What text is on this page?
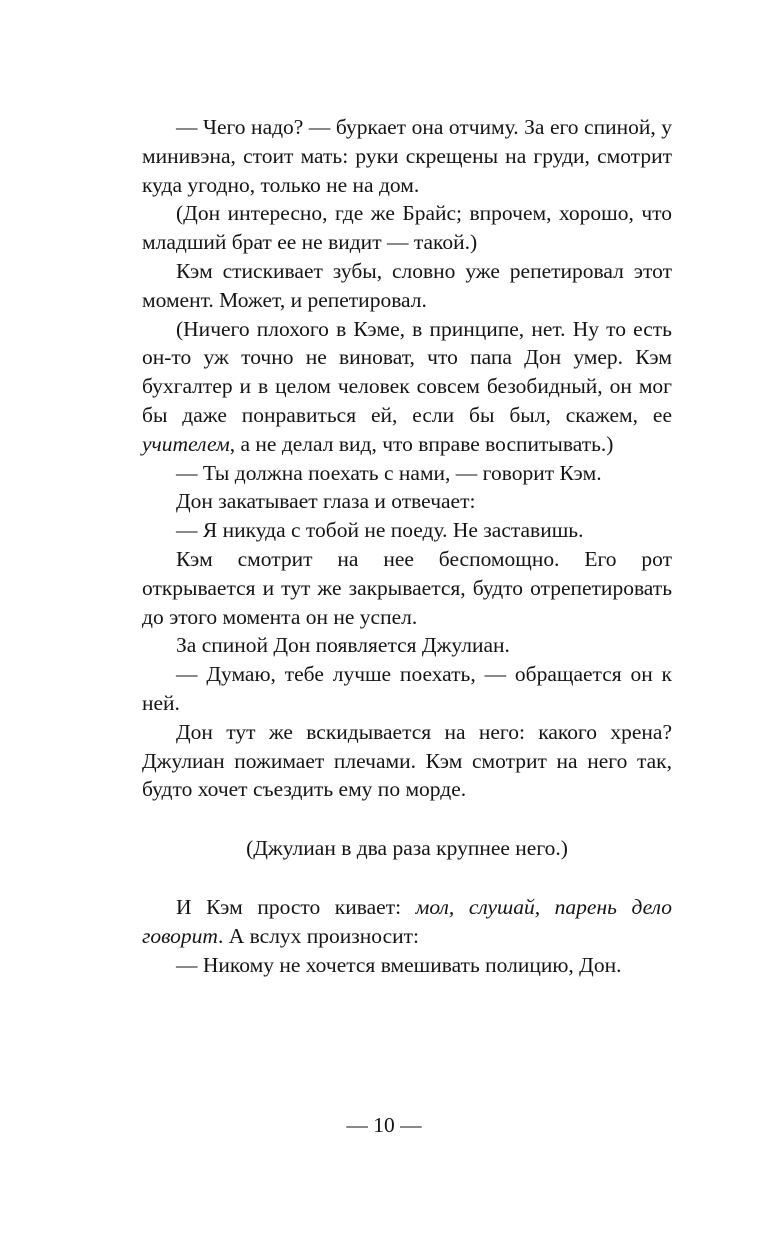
— Чего надо? — буркает она отчиму. За его спиной, у минивэна, стоит мать: руки скрещены на груди, смотрит куда угодно, только не на дом.

(Дон интересно, где же Брайс; впрочем, хорошо, что младший брат ее не видит — такой.)

Кэм стискивает зубы, словно уже репетировал этот момент. Может, и репетировал.

(Ничего плохого в Кэме, в принципе, нет. Ну то есть он-то уж точно не виноват, что папа Дон умер. Кэм бухгалтер и в целом человек совсем безобидный, он мог бы даже понравиться ей, если бы был, скажем, ее учителем, а не делал вид, что вправе воспитывать.)

— Ты должна поехать с нами, — говорит Кэм.

Дон закатывает глаза и отвечает:

— Я никуда с тобой не поеду. Не заставишь.

Кэм смотрит на нее беспомощно. Его рот открывается и тут же закрывается, будто отрепетировать до этого момента он не успел.

За спиной Дон появляется Джулиан.

— Думаю, тебе лучше поехать, — обращается он к ней.

Дон тут же вскидывается на него: какого хрена? Джулиан пожимает плечами. Кэм смотрит на него так, будто хочет съездить ему по морде.

(Джулиан в два раза крупнее него.)

И Кэм просто кивает: мол, слушай, парень дело говорит. А вслух произносит:

— Никому не хочется вмешивать полицию, Дон.

— 10 —
